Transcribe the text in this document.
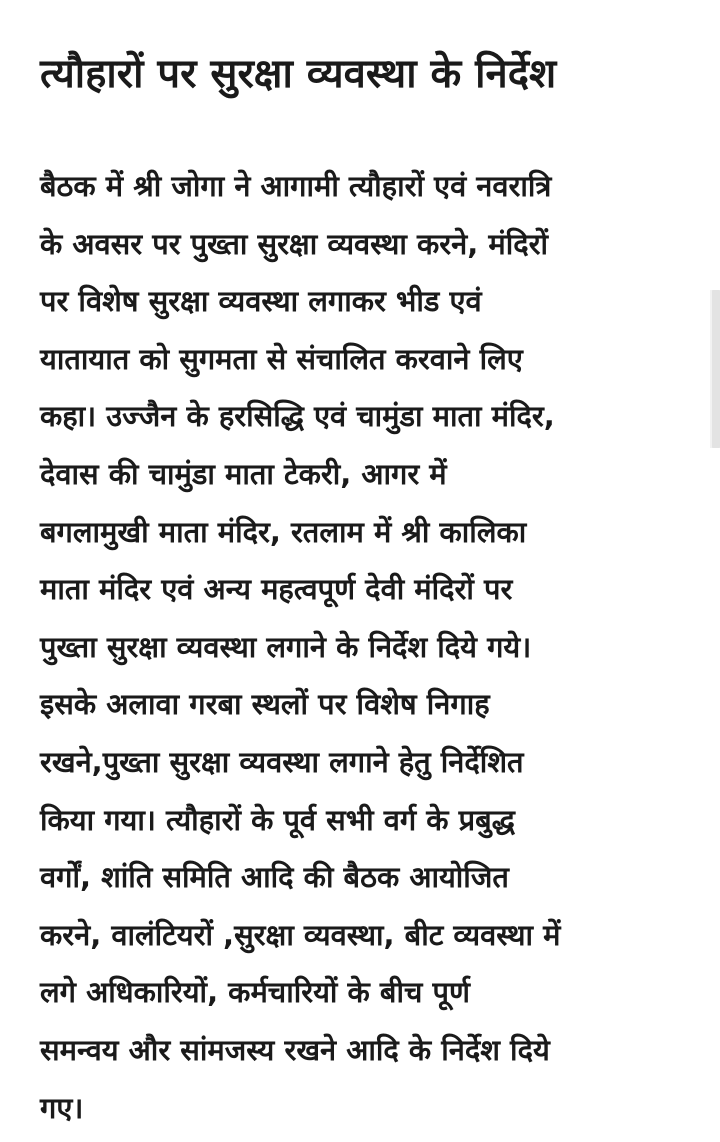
त्यौहारों पर सुरक्षा व्यवस्था के निर्देश
बैठक में श्री जोगा ने आगामी त्यौहारों एवं नवरात्रि
के अवसर पर पुख्ता सुरक्षा व्यवस्था करने, मंदिरों
पर विशेष सुरक्षा व्यवस्था लगाकर भीड एवं
यातायात को सुगमता से संचालित करवाने लिए
कहा। उज्जैन के हरसिद्धि एवं चामुंडा माता मंदिर,
देवास की चामुंडा माता टेकरी, आगर में
बगलामुखी माता मंदिर, रतलाम में श्री कालिका
माता मंदिर एवं अन्य महत्वपूर्ण देवी मंदिरों पर
पुख्ता सुरक्षा व्यवस्था लगाने के निर्देश दिये गये।
इसके अलावा गरबा स्थलों पर विशेष निगाह
रखने,पुख्ता सुरक्षा व्यवस्था लगाने हेतु निर्देशित
किया गया। त्यौहारों के पूर्व सभी वर्ग के प्रबुद्ध
वर्गों, शांति समिति आदि की बैठक आयोजित
करने, वालंटियरों ,सुरक्षा व्यवस्था, बीट व्यवस्था में
लगे अधिकारियों, कर्मचारियों के बीच पूर्ण
समन्वय और सांमजस्य रखने आदि के निर्देश दिये
गए।
